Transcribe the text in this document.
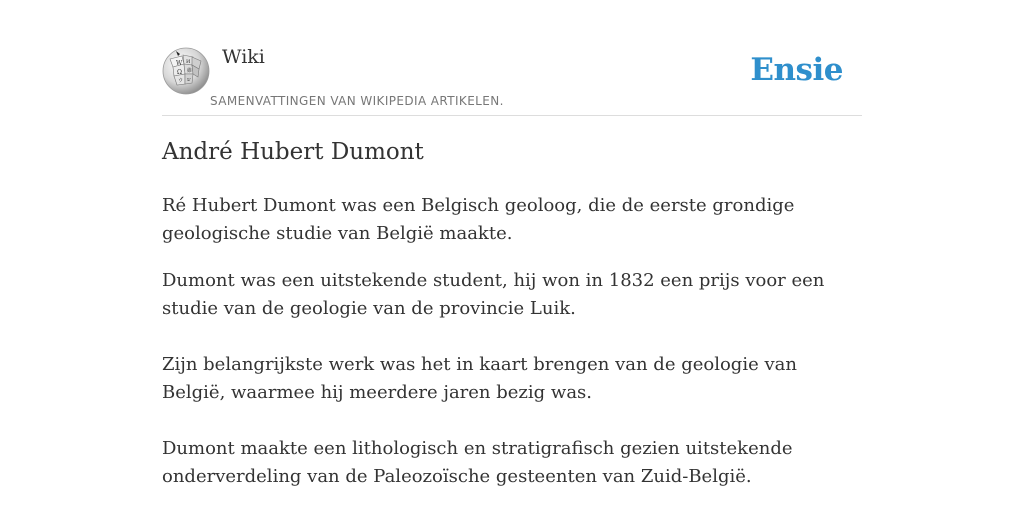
W И
Ω 維
ウ ש
Wiki
SAMENVATTINGEN VAN WIKIPEDIA ARTIKELEN.
Ensie
André Hubert Dumont

Ré Hubert Dumont was een Belgisch geoloog, die de eerste grondige geologische studie van België maakte.

Dumont was een uitstekende student, hij won in 1832 een prijs voor een studie van de geologie van de provincie Luik.

Zijn belangrijkste werk was het in kaart brengen van de geologie van België, waarmee hij meerdere jaren bezig was.

Dumont maakte een lithologisch en stratigrafisch gezien uitstekende onderverdeling van de Paleozoïsche gesteenten van Zuid-België.
